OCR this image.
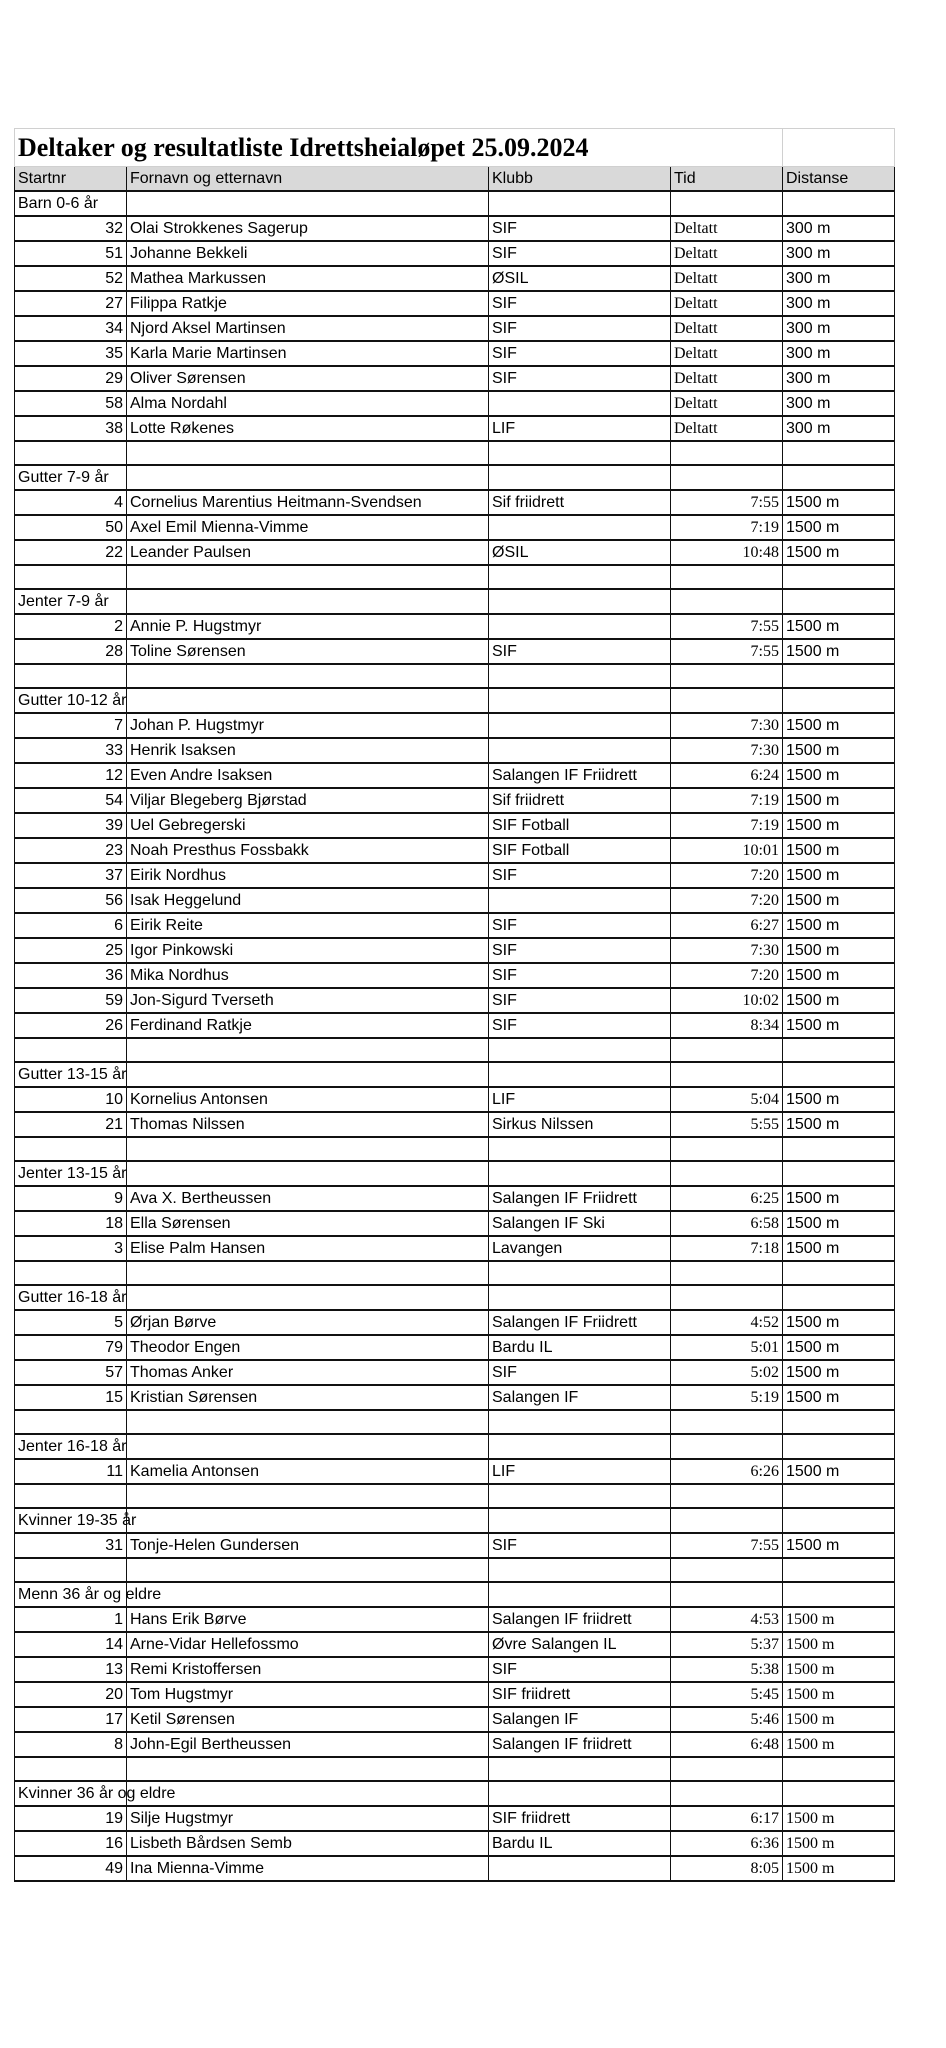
Deltaker og resultatliste Idrettsheialøpet 25.09.2024				
Startnr	Fornavn og etternavn	Klubb	Tid	Distanse
Barn 0-6 år				
32	Olai Strokkenes Sagerup	SIF	Deltatt	300 m
51	Johanne Bekkeli	SIF	Deltatt	300 m
52	Mathea Markussen	ØSIL	Deltatt	300 m
27	Filippa Ratkje	SIF	Deltatt	300 m
34	Njord Aksel Martinsen	SIF	Deltatt	300 m
35	Karla Marie Martinsen	SIF	Deltatt	300 m
29	Oliver Sørensen	SIF	Deltatt	300 m
58	Alma Nordahl		Deltatt	300 m
38	Lotte Røkenes	LIF	Deltatt	300 m

Gutter 7-9 år				
4	Cornelius Marentius Heitmann-Svendsen	Sif friidrett	7:55	1500 m
50	Axel Emil Mienna-Vimme		7:19	1500 m
22	Leander Paulsen	ØSIL	10:48	1500 m

Jenter 7-9 år				
2	Annie P. Hugstmyr		7:55	1500 m
28	Toline Sørensen	SIF	7:55	1500 m

Gutter 10-12 år				
7	Johan P. Hugstmyr		7:30	1500 m
33	Henrik Isaksen		7:30	1500 m
12	Even Andre Isaksen	Salangen IF Friidrett	6:24	1500 m
54	Viljar Blegeberg Bjørstad	Sif friidrett	7:19	1500 m
39	Uel Gebregerski	SIF Fotball	7:19	1500 m
23	Noah Presthus Fossbakk	SIF Fotball	10:01	1500 m
37	Eirik Nordhus	SIF	7:20	1500 m
56	Isak Heggelund		7:20	1500 m
6	Eirik Reite	SIF	6:27	1500 m
25	Igor Pinkowski	SIF	7:30	1500 m
36	Mika Nordhus	SIF	7:20	1500 m
59	Jon-Sigurd Tverseth	SIF	10:02	1500 m
26	Ferdinand Ratkje	SIF	8:34	1500 m

Gutter 13-15 år				
10	Kornelius Antonsen	LIF	5:04	1500 m
21	Thomas Nilssen	Sirkus Nilssen	5:55	1500 m

Jenter 13-15 år				
9	Ava X. Bertheussen	Salangen IF Friidrett	6:25	1500 m
18	Ella Sørensen	Salangen IF Ski	6:58	1500 m
3	Elise Palm Hansen	Lavangen	7:18	1500 m

Gutter 16-18 år				
5	Ørjan Børve	Salangen IF Friidrett	4:52	1500 m
79	Theodor Engen	Bardu IL	5:01	1500 m
57	Thomas Anker	SIF	5:02	1500 m
15	Kristian Sørensen	Salangen IF	5:19	1500 m

Jenter 16-18 år				
11	Kamelia Antonsen	LIF	6:26	1500 m

Kvinner 19-35 år				
31	Tonje-Helen Gundersen	SIF	7:55	1500 m

Menn 36 år og eldre				
1	Hans Erik Børve	Salangen IF friidrett	4:53	1500 m
14	Arne-Vidar Hellefossmo	Øvre Salangen IL	5:37	1500 m
13	Remi Kristoffersen	SIF	5:38	1500 m
20	Tom Hugstmyr	SIF friidrett	5:45	1500 m
17	Ketil Sørensen	Salangen IF	5:46	1500 m
8	John-Egil Bertheussen	Salangen IF friidrett	6:48	1500 m

Kvinner 36 år og eldre				
19	Silje Hugstmyr	SIF friidrett	6:17	1500 m
16	Lisbeth Bårdsen Semb	Bardu IL	6:36	1500 m
49	Ina Mienna-Vimme		8:05	1500 m
